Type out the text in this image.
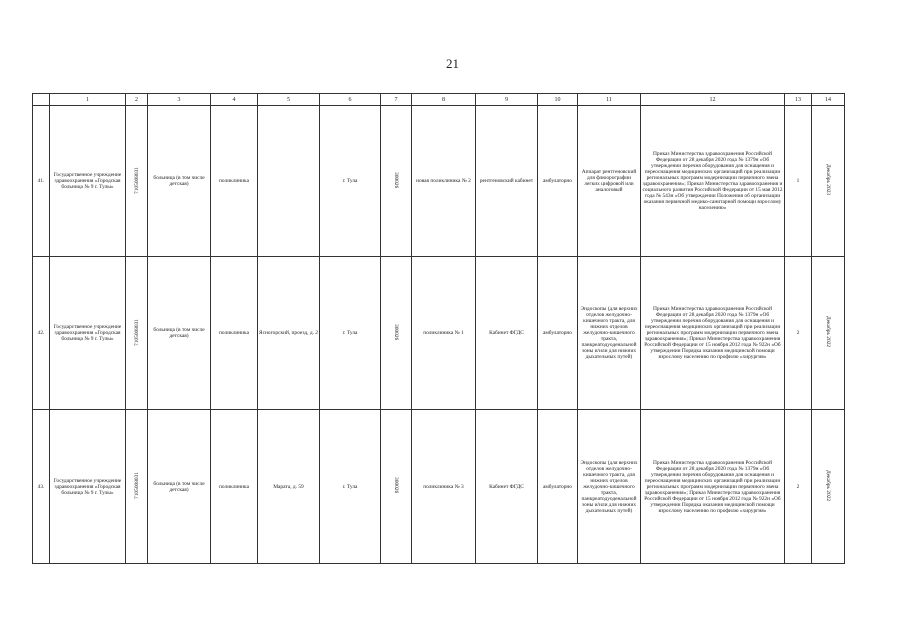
21
	1	2	3	4	5	6	7	8	9	10	11	12	13	14
41.	Государственное учреждение здравоохранения «Городская больница № 9 г. Тулы»	7105008031	больница (в том числе детская)	поликлиника		г. Тула	300026	новая поликлиника № 2	рентгеновский кабинет	амбулаторно	Аппарат рентгеновский для флюорографии легких цифровой или аналоговый	Приказ Министерства здравоохранения Российской Федерации от 28 декабря 2020 года № 1379н «Об утверждении перечня оборудования для оснащения и переоснащения медицинских организаций при реализации региональных программ модернизации первичного звена здравоохранения»; Приказ Министерства здравоохранения и социального развития Российской Федерации от 15 мая 2012 года № 543н «Об утверждении Положения об организации оказания первичной медико-санитарной помощи взрослому населению»	1	Декабрь 2023
42.	Государственное учреждение здравоохранения «Городская больница № 9 г. Тулы»	7105008031	больница (в том числе детская)	поликлиника	Ясногорский, проезд, д. 2	г. Тула	300026	поликлиника № 1	Кабинет ФГДС	амбулаторно	Эндоскопы (для верхних отделов желудочно-кишечного тракта, для нижних отделов желудочно-кишечного тракта, панкреатодуоденальной зоны и/или для нижних дыхательных путей)	Приказ Министерства здравоохранения Российской Федерации от 28 декабря 2020 года № 1379н «Об утверждении перечня оборудования для оснащения и переоснащения медицинских организаций при реализации региональных программ модернизации первичного звена здравоохранения»; Приказ Министерства здравоохранения Российской Федерации от 15 ноября 2012 года № 922н «Об утверждении Порядка оказания медицинской помощи взрослому населению по профилю «хирургия»	2	Декабрь 2022
43.	Государственное учреждение здравоохранения «Городская больница № 9 г. Тулы»	7105008031	больница (в том числе детская)	поликлиника	Марата, д. 59	г. Тула	300026	поликлиника № 3	Кабинет ФГДС	амбулаторно	Эндоскопы (для верхних отделов желудочно-кишечного тракта, для нижних отделов желудочно-кишечного тракта, панкреатодуоденальной зоны и/или для нижних дыхательных путей)	Приказ Министерства здравоохранения Российской Федерации от 28 декабря 2020 года № 1379н «Об утверждении перечня оборудования для оснащения и переоснащения медицинских организаций при реализации региональных программ модернизации первичного звена здравоохранения»; Приказ Министерства здравоохранения Российской Федерации от 15 ноября 2012 года № 922н «Об утверждении Порядка оказания медицинской помощи взрослому населению по профилю «хирургия»	2	Декабрь 2022
